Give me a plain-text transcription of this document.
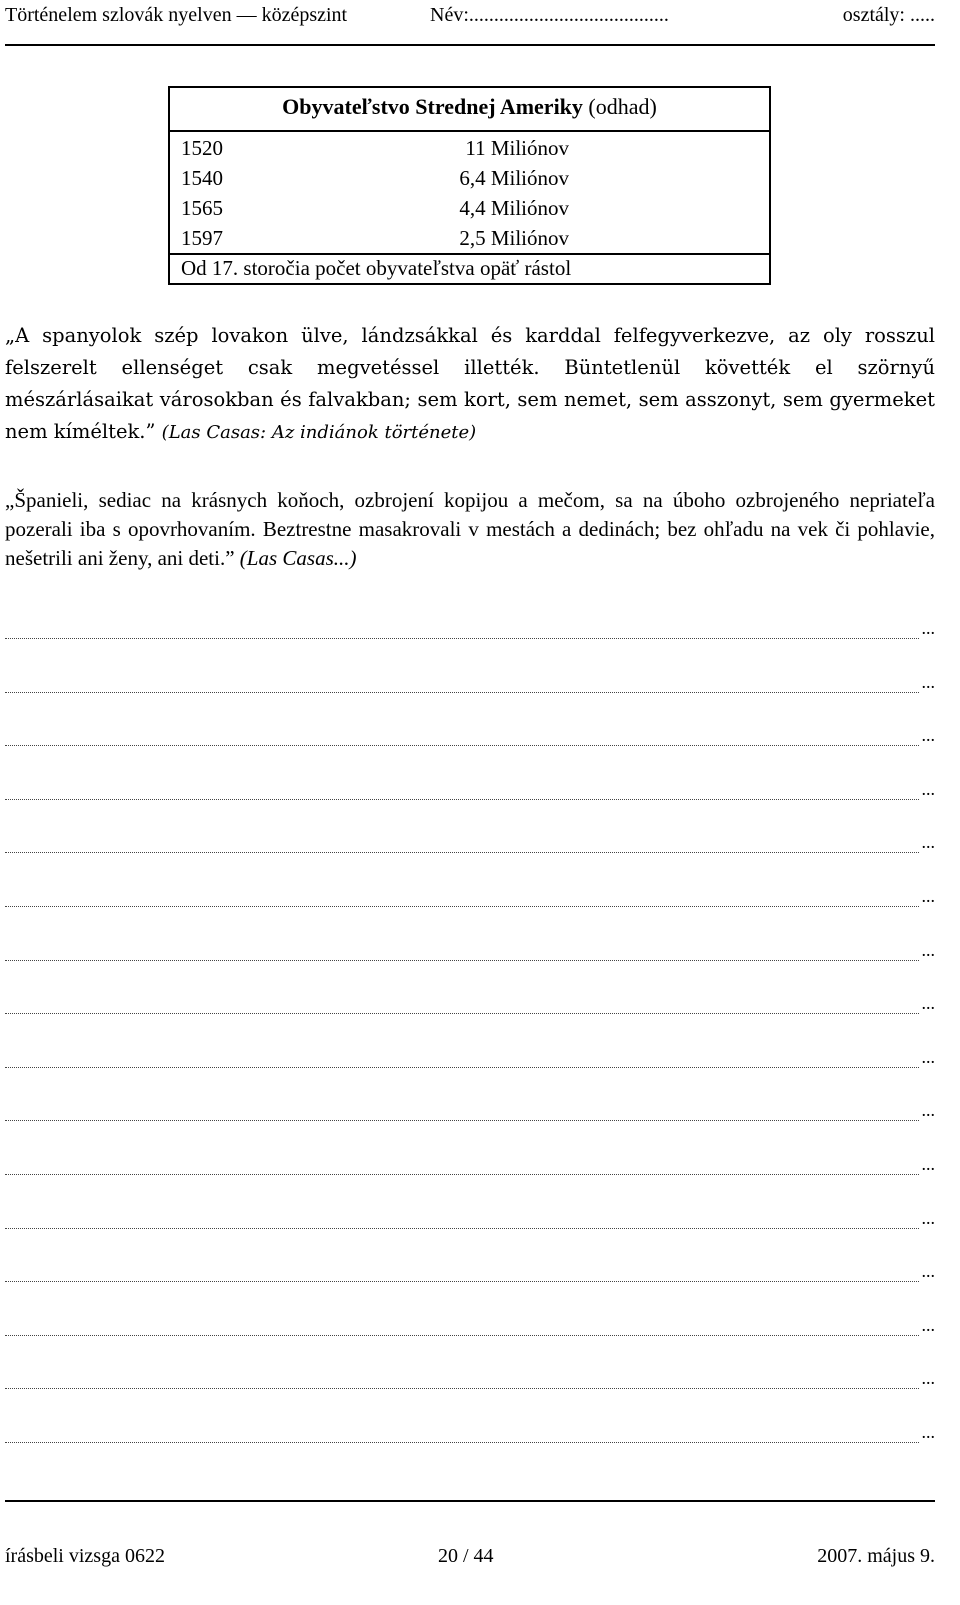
Történelem szlovák nyelven — középszint	Név:........................................	osztály: .....
Obyvateľstvo Strednej Ameriky (odhad)
1520	11 Miliónov
1540	6,4 Miliónov
1565	4,4 Miliónov
1597	2,5 Miliónov
Od 17. storočia počet obyvateľstva opäť rástol
„A spanyolok szép lovakon ülve, lándzsákkal és karddal felfegyverkezve, az oly rosszul felszerelt ellenséget csak megvetéssel illették. Büntetlenül követték el szörnyű mészárlásaikat városokban és falvakban; sem kort, sem nemet, sem asszonyt, sem gyermeket nem kíméltek.” (Las Casas: Az indiánok története)
„Španieli, sediac na krásnych koňoch, ozbrojení kopijou a mečom, sa na úboho ozbrojeného nepriateľa pozerali iba s opovrhovaním. Beztrestne masakrovali v mestách a dedinách; bez ohľadu na vek či pohlavie, nešetrili ani ženy, ani deti.” (Las Casas...)
...
...
...
...
...
...
...
...
...
...
...
...
...
...
...
...
írásbeli vizsga 0622	20 / 44	2007. május 9.
